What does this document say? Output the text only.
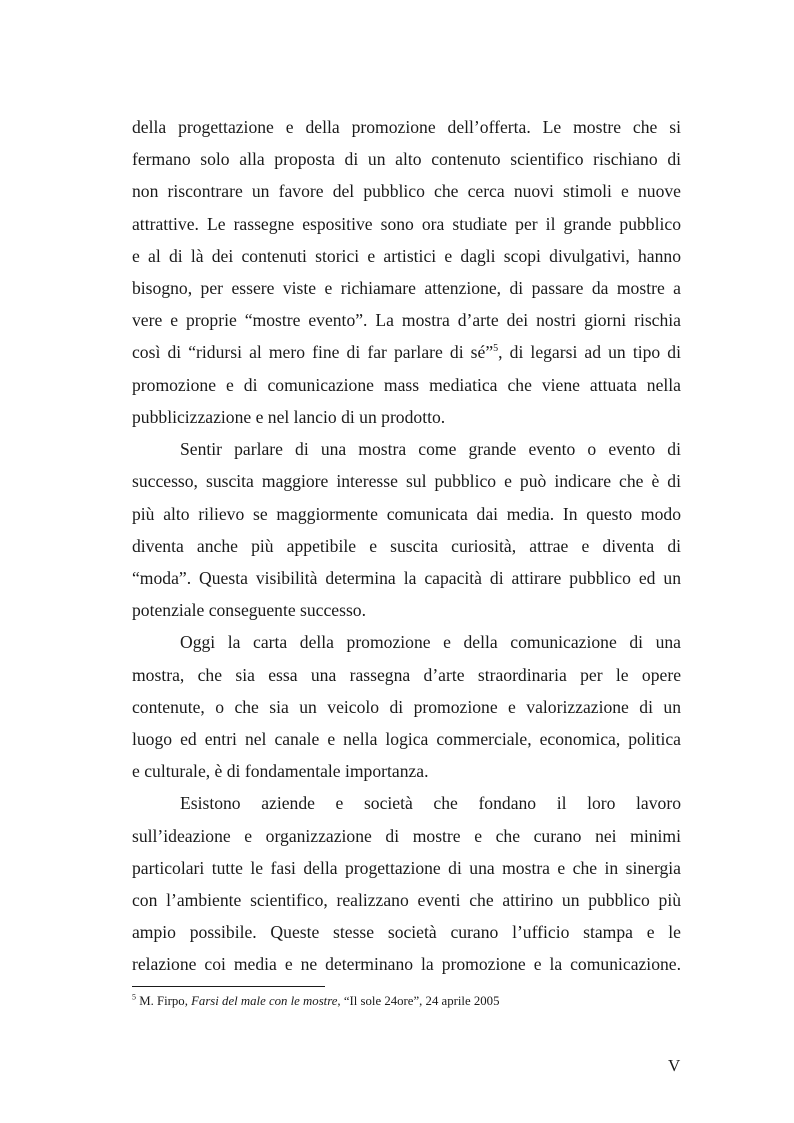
della progettazione e della promozione dell’offerta. Le mostre che si
fermano solo alla proposta di un alto contenuto scientifico rischiano di
non riscontrare un favore del pubblico che cerca nuovi stimoli e nuove
attrattive. Le rassegne espositive sono ora studiate per il grande pubblico
e al di là dei contenuti storici e artistici e dagli scopi divulgativi, hanno
bisogno, per essere viste e richiamare attenzione, di passare da mostre a
vere e proprie “mostre evento”. La mostra d’arte dei nostri giorni rischia
così di “ridursi al mero fine di far parlare di sé”$^5$, di legarsi ad un tipo di
promozione e di comunicazione mass mediatica che viene attuata nella
pubblicizzazione e nel lancio di un prodotto.
Sentir parlare di una mostra come grande evento o evento di
successo, suscita maggiore interesse sul pubblico e può indicare che è di
più alto rilievo se maggiormente comunicata dai media. In questo modo
diventa anche più appetibile e suscita curiosità, attrae e diventa di
“moda”. Questa visibilità determina la capacità di attirare pubblico ed un
potenziale conseguente successo.
Oggi la carta della promozione e della comunicazione di una
mostra, che sia essa una rassegna d’arte straordinaria per le opere
contenute, o che sia un veicolo di promozione e valorizzazione di un
luogo ed entri nel canale e nella logica commerciale, economica, politica
e culturale, è di fondamentale importanza.
Esistono aziende e società che fondano il loro lavoro
sull’ideazione e organizzazione di mostre e che curano nei minimi
particolari tutte le fasi della progettazione di una mostra e che in sinergia
con l’ambiente scientifico, realizzano eventi che attirino un pubblico più
ampio possibile. Queste stesse società curano l’ufficio stampa e le
relazione coi media e ne determinano la promozione e la comunicazione.
$^5$ M. Firpo, Farsi del male con le mostre, “Il sole 24ore”, 24 aprile 2005
V
